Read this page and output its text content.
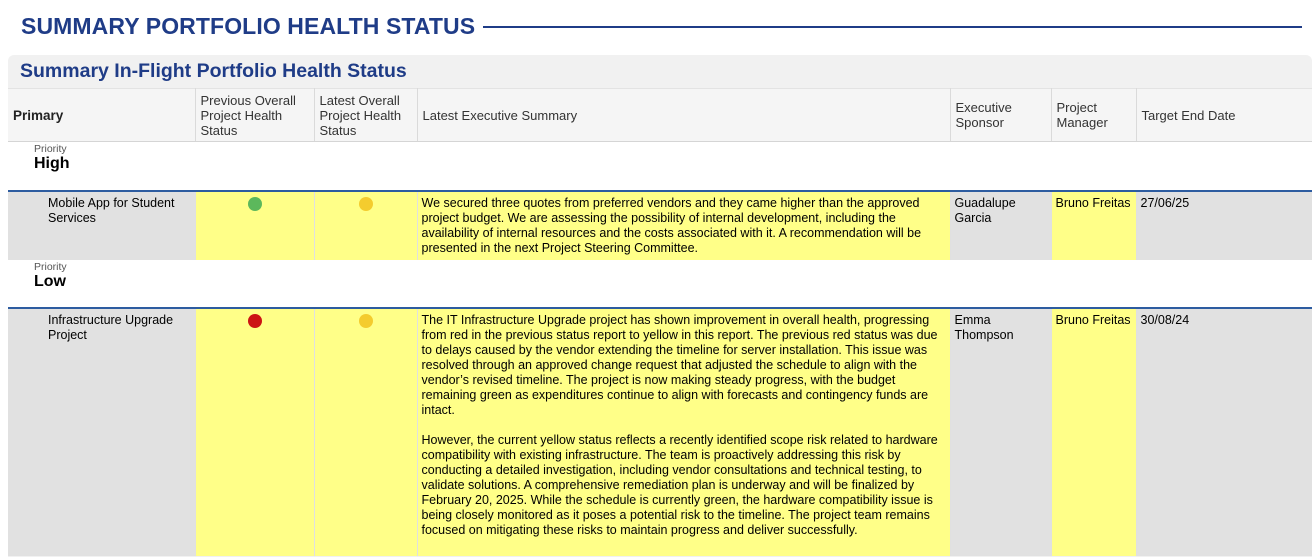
SUMMARY PORTFOLIO HEALTH STATUS
Summary In-Flight Portfolio Health Status
Primary	Previous Overall Project Health Status	Latest Overall Project Health Status	Latest Executive Summary	Executive Sponsor	Project Manager	Target End Date

Priority
High						

Mobile App for Student Services			We secured three quotes from preferred vendors and they came higher than the approved project budget. We are assessing the possibility of internal development, including the availability of internal resources and the costs associated with it. A recommendation will be presented in the next Project Steering Committee.	Guadalupe Garcia	Bruno Freitas	27/06/25

Priority
Low						

Infrastructure Upgrade Project			The IT Infrastructure Upgrade project has shown improvement in overall health, progressing from red in the previous status report to yellow in this report. The previous red status was due to delays caused by the vendor extending the timeline for server installation. This issue was resolved through an approved change request that adjusted the schedule to align with the vendor’s revised timeline. The project is now making steady progress, with the budget remaining green as expenditures continue to align with forecasts and contingency funds are intact.

However, the current yellow status reflects a recently identified scope risk related to hardware compatibility with existing infrastructure. The team is proactively addressing this risk by conducting a detailed investigation, including vendor consultations and technical testing, to validate solutions. A comprehensive remediation plan is underway and will be finalized by February 20, 2025. While the schedule is currently green, the hardware compatibility issue is being closely monitored as it poses a potential risk to the timeline. The project team remains focused on mitigating these risks to maintain progress and deliver successfully.	Emma Thompson	Bruno Freitas	30/08/24
